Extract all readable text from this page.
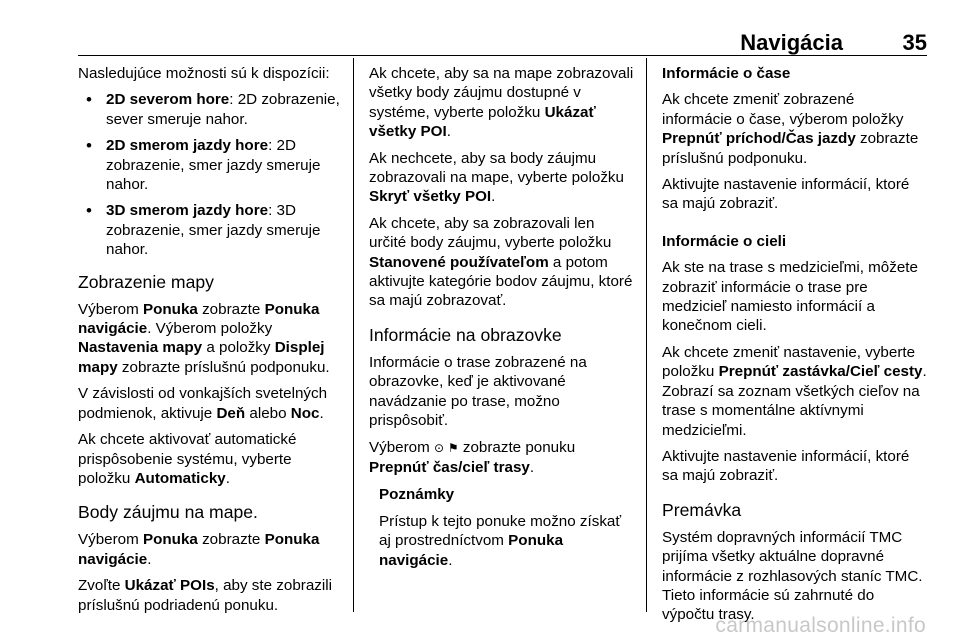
Navigácia	35

Nasledujúce možnosti sú k dispozícii:

• 2D severom hore: 2D zobrazenie, sever smeruje nahor.
• 2D smerom jazdy hore: 2D zobrazenie, smer jazdy smeruje nahor.
• 3D smerom jazdy hore: 3D zobrazenie, smer jazdy smeruje nahor.
Zobrazenie mapy

Výberom Ponuka zobrazte Ponuka navigácie. Výberom položky Nastavenia mapy a položky Displej mapy zobrazte príslušnú podponuku.

V závislosti od vonkajších svetelných podmienok, aktivuje Deň alebo Noc.

Ak chcete aktivovať automatické prispôsobenie systému, vyberte položku Automaticky.

Body záujmu na mape.

Výberom Ponuka zobrazte Ponuka navigácie.

Zvoľte Ukázať POIs, aby ste zobrazili príslušnú podriadenú ponuku.

Ak chcete, aby sa na mape zobrazovali všetky body záujmu dostupné v systéme, vyberte položku Ukázať všetky POI.

Ak nechcete, aby sa body záujmu zobrazovali na mape, vyberte položku Skryť všetky POI.

Ak chcete, aby sa zobrazovali len určité body záujmu, vyberte položku Stanovené používateľom a potom aktivujte kategórie bodov záujmu, ktoré sa majú zobrazovať.

Informácie na obrazovke

Informácie o trase zobrazené na obrazovke, keď je aktivované navádzanie po trase, možno prispôsobiť.

Výberom ⊙ ⚑ zobrazte ponuku Prepnúť čas/cieľ trasy.

Poznámky

Prístup k tejto ponuke možno získať aj prostredníctvom Ponuka navigácie.

Informácie o čase

Ak chcete zmeniť zobrazené informácie o čase, výberom položky Prepnúť príchod/Čas jazdy zobrazte príslušnú podponuku.

Aktivujte nastavenie informácií, ktoré sa majú zobraziť.

Informácie o cieli

Ak ste na trase s medzicieľmi, môžete zobraziť informácie o trase pre medzicieľ namiesto informácií a konečnom cieli.

Ak chcete zmeniť nastavenie, vyberte položku Prepnúť zastávka/Cieľ cesty. Zobrazí sa zoznam všetkých cieľov na trase s momentálne aktívnymi medzicieľmi.

Aktivujte nastavenie informácií, ktoré sa majú zobraziť.

Premávka

Systém dopravných informácií TMC prijíma všetky aktuálne dopravné informácie z rozhlasových staníc TMC. Tieto informácie sú zahrnuté do výpočtu trasy.

carmanualsonline.info
